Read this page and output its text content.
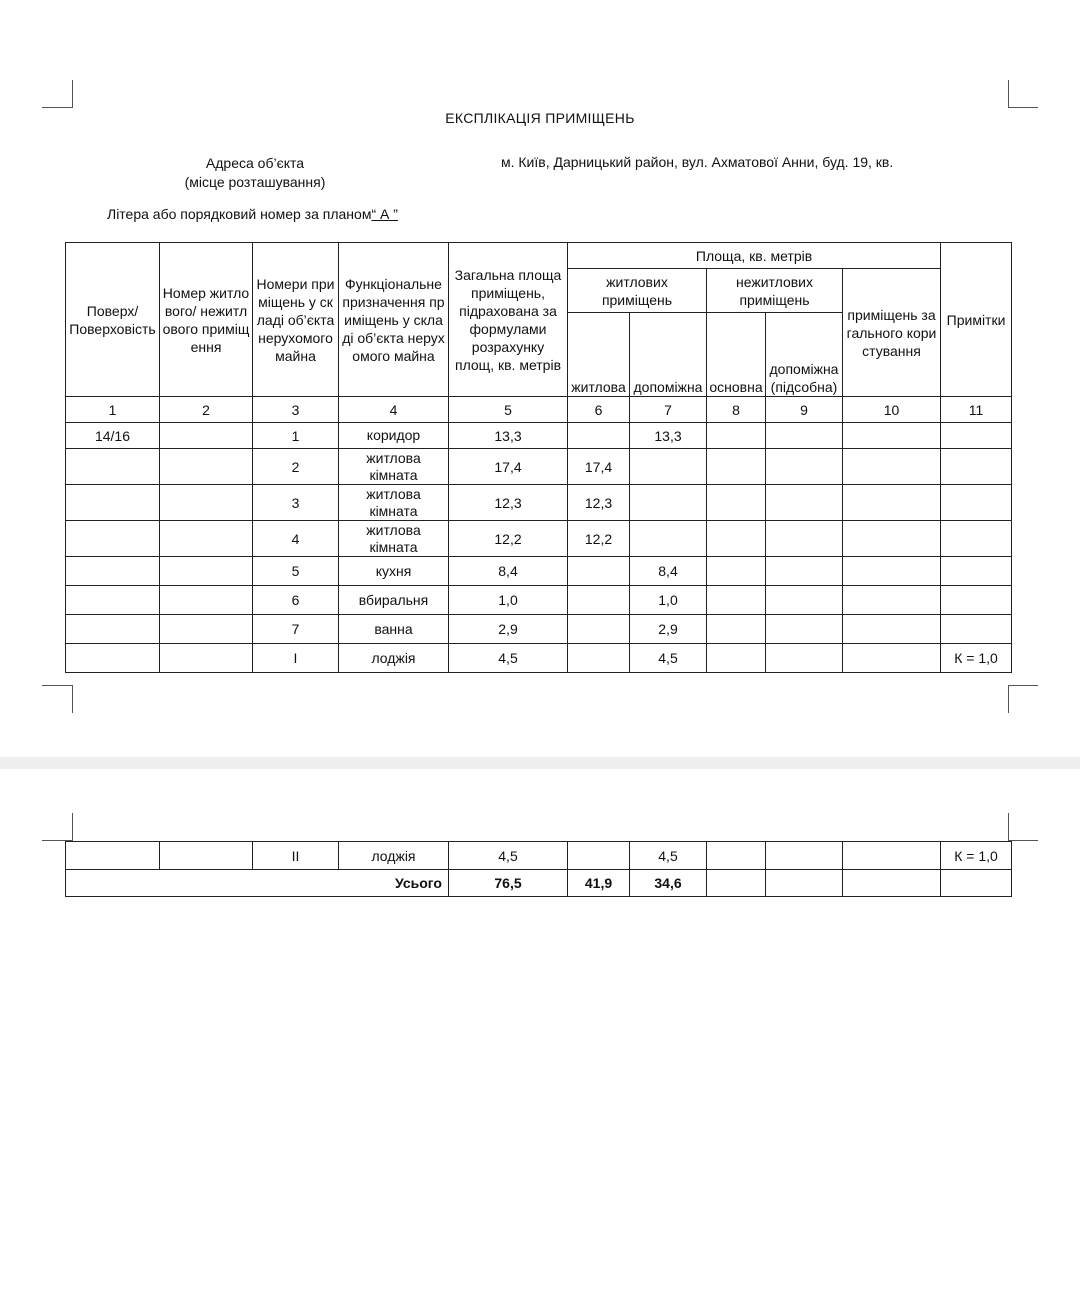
ЕКСПЛІКАЦІЯ ПРИМІЩЕНЬ
Адреса об’єкта
(місце розташування)
м. Київ, Дарницький район, вул. Ахматової Анни, буд. 19, кв.
Літера або порядковий номер за планом“ А ”
Поверх/ Поверховість	Номер житлового/ нежитлового приміщення	Номери приміщень у складі об’єкта нерухомого майна	Функціональне призначення приміщень у складі об’єкта нерухомого майна	Загальна площа приміщень, підрахована за формулами розрахунку площ, кв. метрів	Площа, кв. метрів					Примітки
					житлових приміщень		нежитлових приміщень		приміщень загального користування	
					житлова	допоміжна	основна	допоміжна (підсобна)		
1	2	3	4	5	6	7	8	9	10	11
14/16		1	коридор	13,3		13,3				
		2	житлова кімната	17,4	17,4					
		3	житлова кімната	12,3	12,3					
		4	житлова кімната	12,2	12,2					
		5	кухня	8,4		8,4				
		6	вбиральня	1,0		1,0				
		7	ванна	2,9		2,9				
		I	лоджія	4,5		4,5				К = 1,0
		II	лоджія	4,5		4,5				К = 1,0
Усього				76,5	41,9	34,6				
